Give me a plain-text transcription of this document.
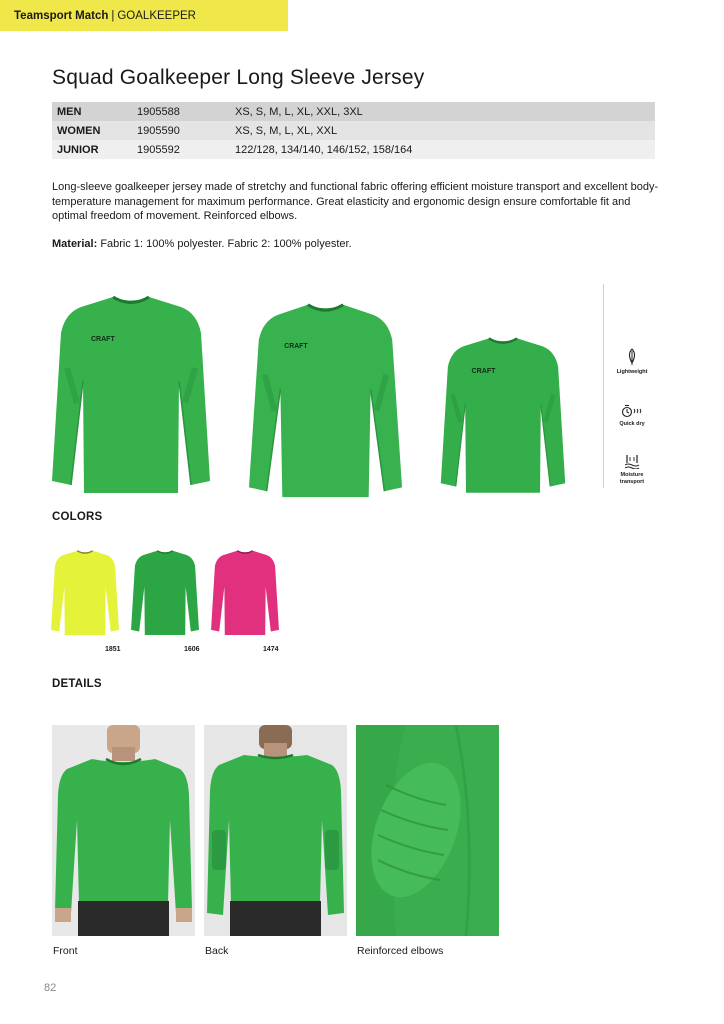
Teamsport Match | GOALKEEPER
Squad Goalkeeper Long Sleeve Jersey
MEN	1905588	XS, S, M, L, XL, XXL, 3XL
WOMEN	1905590	XS, S, M, L, XL, XXL
JUNIOR	1905592	122/128, 134/140, 146/152, 158/164

Long-sleeve goalkeeper jersey made of stretchy and functional fabric offering efficient moisture transport and excellent body-temperature management for maximum performance. Great elasticity and ergonomic design ensure comfortable fit and optimal freedom of movement. Reinforced elbows.

Material: Fabric 1: 100% polyester. Fabric 2: 100% polyester.

CRAFT
CRAFT
CRAFT	Lightweight
Quick dry
Moisture transport
COLORS
1851	1606	1474
DETAILS
Front	Back	Reinforced elbows
82
